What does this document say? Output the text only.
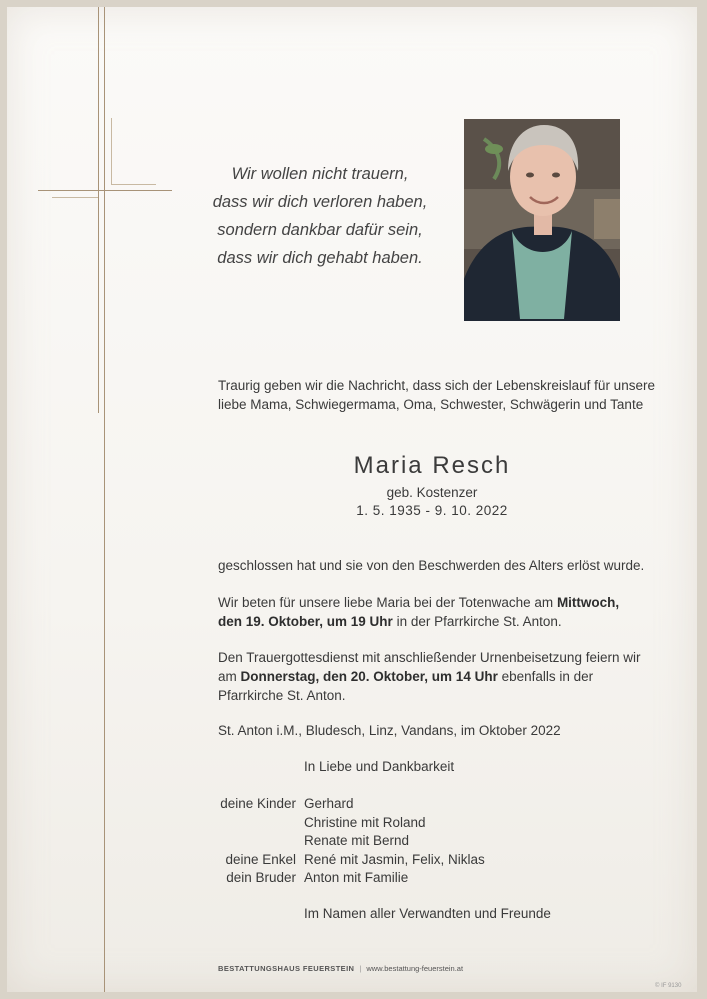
Wir wollen nicht trauern,
dass wir dich verloren haben,
sondern dankbar dafür sein,
dass wir dich gehabt haben.
Traurig geben wir die Nachricht, dass sich der Lebenskreislauf für unsere
liebe Mama, Schwiegermama, Oma, Schwester, Schwägerin und Tante
Maria Resch
geb. Kostenzer
1. 5. 1935 - 9. 10. 2022
geschlossen hat und sie von den Beschwerden des Alters erlöst wurde.
Wir beten für unsere liebe Maria bei der Totenwache am Mittwoch,
den 19. Oktober, um 19 Uhr in der Pfarrkirche St. Anton.
Den Trauergottesdienst mit anschließender Urnenbeisetzung feiern wir
am Donnerstag, den 20. Oktober, um 14 Uhr ebenfalls in der
Pfarrkirche St. Anton.
St. Anton i.M., Bludesch, Linz, Vandans, im Oktober 2022
In Liebe und Dankbarkeit
deine Kinder Gerhard
Christine mit Roland
Renate mit Bernd
deine Enkel René mit Jasmin, Felix, Niklas
dein Bruder Anton mit Familie
Im Namen aller Verwandten und Freunde
BESTATTUNGSHAUS FEUERSTEIN | www.bestattung-feuerstein.at
© IF 9130
